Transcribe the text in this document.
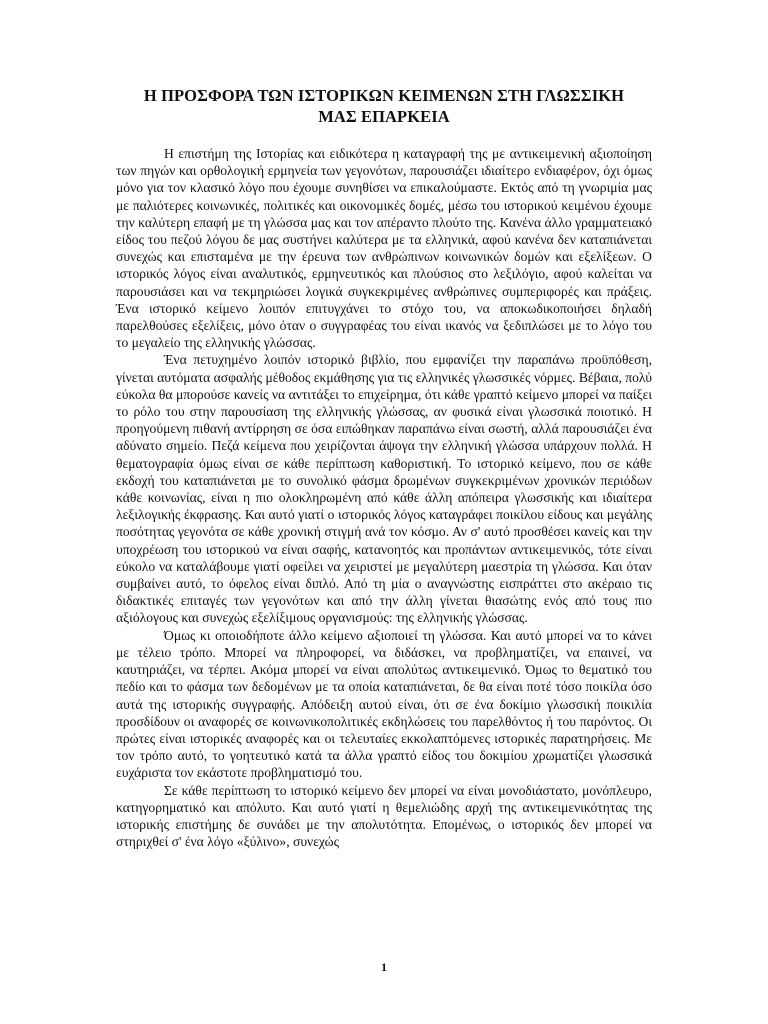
Η ΠΡΟΣΦΟΡΑ ΤΩΝ ΙΣΤΟΡΙΚΩΝ ΚΕΙΜΕΝΩΝ ΣΤΗ ΓΛΩΣΣΙΚΗ
ΜΑΣ ΕΠΑΡΚΕΙΑ

Η επιστήμη της Ιστορίας και ειδικότερα η καταγραφή της με αντικειμενική αξιοποίηση των πηγών και ορθολογική ερμηνεία των γεγονότων, παρουσιάζει ιδιαίτερο ενδιαφέρον, όχι όμως μόνο για τον κλασικό λόγο που έχουμε συνηθίσει να επικαλούμαστε. Εκτός από τη γνωριμία μας με παλιότερες κοινωνικές, πολιτικές και οικονομικές δομές, μέσω του ιστορικού κειμένου έχουμε την καλύτερη επαφή με τη γλώσσα μας και τον απέραντο πλούτο της. Κανένα άλλο γραμματειακό είδος του πεζού λόγου δε μας συστήνει καλύτερα με τα ελληνικά, αφού κανένα δεν καταπιάνεται συνεχώς και επισταμένα με την έρευνα των ανθρώπινων κοινωνικών δομών και εξελίξεων. Ο ιστορικός λόγος είναι αναλυτικός, ερμηνευτικός και πλούσιος στο λεξιλόγιο, αφού καλείται να παρουσιάσει και να τεκμηριώσει λογικά συγκεκριμένες ανθρώπινες συμπεριφορές και πράξεις. Ένα ιστορικό κείμενο λοιπόν επιτυγχάνει το στόχο του, να αποκωδικοποιήσει δηλαδή παρελθούσες εξελίξεις, μόνο όταν ο συγγραφέας του είναι ικανός να ξεδιπλώσει με το λόγο του το μεγαλείο της ελληνικής γλώσσας.

Ένα πετυχημένο λοιπόν ιστορικό βιβλίο, που εμφανίζει την παραπάνω προϋπόθεση, γίνεται αυτόματα ασφαλής μέθοδος εκμάθησης για τις ελληνικές γλωσσικές νόρμες. Βέβαια, πολύ εύκολα θα μπορούσε κανείς να αντιτάξει το επιχείρημα, ότι κάθε γραπτό κείμενο μπορεί να παίξει το ρόλο του στην παρουσίαση της ελληνικής γλώσσας, αν φυσικά είναι γλωσσικά ποιοτικό. Η προηγούμενη πιθανή αντίρρηση σε όσα ειπώθηκαν παραπάνω είναι σωστή, αλλά παρουσιάζει ένα αδύνατο σημείο. Πεζά κείμενα που χειρίζονται άψογα την ελληνική γλώσσα υπάρχουν πολλά. Η θεματογραφία όμως είναι σε κάθε περίπτωση καθοριστική. Το ιστορικό κείμενο, που σε κάθε εκδοχή του καταπιάνεται με το συνολικό φάσμα δρωμένων συγκεκριμένων χρονικών περιόδων κάθε κοινωνίας, είναι η πιο ολοκληρωμένη από κάθε άλλη απόπειρα γλωσσικής και ιδιαίτερα λεξιλογικής έκφρασης. Και αυτό γιατί ο ιστορικός λόγος καταγράφει ποικίλου είδους και μεγάλης ποσότητας γεγονότα σε κάθε χρονική στιγμή ανά τον κόσμο. Αν σ' αυτό προσθέσει κανείς και την υποχρέωση του ιστορικού να είναι σαφής, κατανοητός και προπάντων αντικειμενικός, τότε είναι εύκολο να καταλάβουμε γιατί οφείλει να χειριστεί με μεγαλύτερη μαεστρία τη γλώσσα. Και όταν συμβαίνει αυτό, το όφελος είναι διπλό. Από τη μία ο αναγνώστης εισπράττει στο ακέραιο τις διδακτικές επιταγές των γεγονότων και από την άλλη γίνεται θιασώτης ενός από τους πιο αξιόλογους και συνεχώς εξελίξιμους οργανισμούς: της ελληνικής γλώσσας.

Όμως κι οποιοδήποτε άλλο κείμενο αξιοποιεί τη γλώσσα. Και αυτό μπορεί να το κάνει με τέλειο τρόπο. Μπορεί να πληροφορεί, να διδάσκει, να προβληματίζει, να επαινεί, να καυτηριάζει, να τέρπει. Ακόμα μπορεί να είναι απολύτως αντικειμενικό. Όμως το θεματικό του πεδίο και το φάσμα των δεδομένων με τα οποία καταπιάνεται, δε θα είναι ποτέ τόσο ποικίλα όσο αυτά της ιστορικής συγγραφής. Απόδειξη αυτού είναι, ότι σε ένα δοκίμιο γλωσσική ποικιλία προσδίδουν οι αναφορές σε κοινωνικοπολιτικές εκδηλώσεις του παρελθόντος ή του παρόντος. Οι πρώτες είναι ιστορικές αναφορές και οι τελευταίες εκκολαπτόμενες ιστορικές παρατηρήσεις. Με τον τρόπο αυτό, το γοητευτικό κατά τα άλλα γραπτό είδος του δοκιμίου χρωματίζει γλωσσικά ευχάριστα τον εκάστοτε προβληματισμό του.

Σε κάθε περίπτωση το ιστορικό κείμενο δεν μπορεί να είναι μονοδιάστατο, μονόπλευρο, κατηγορηματικό και απόλυτο. Και αυτό γιατί η θεμελιώδης αρχή της αντικειμενικότητας της ιστορικής επιστήμης δε συνάδει με την απολυτότητα. Επομένως, ο ιστορικός δεν μπορεί να στηριχθεί σ' ένα λόγο «ξύλινο», συνεχώς

1
